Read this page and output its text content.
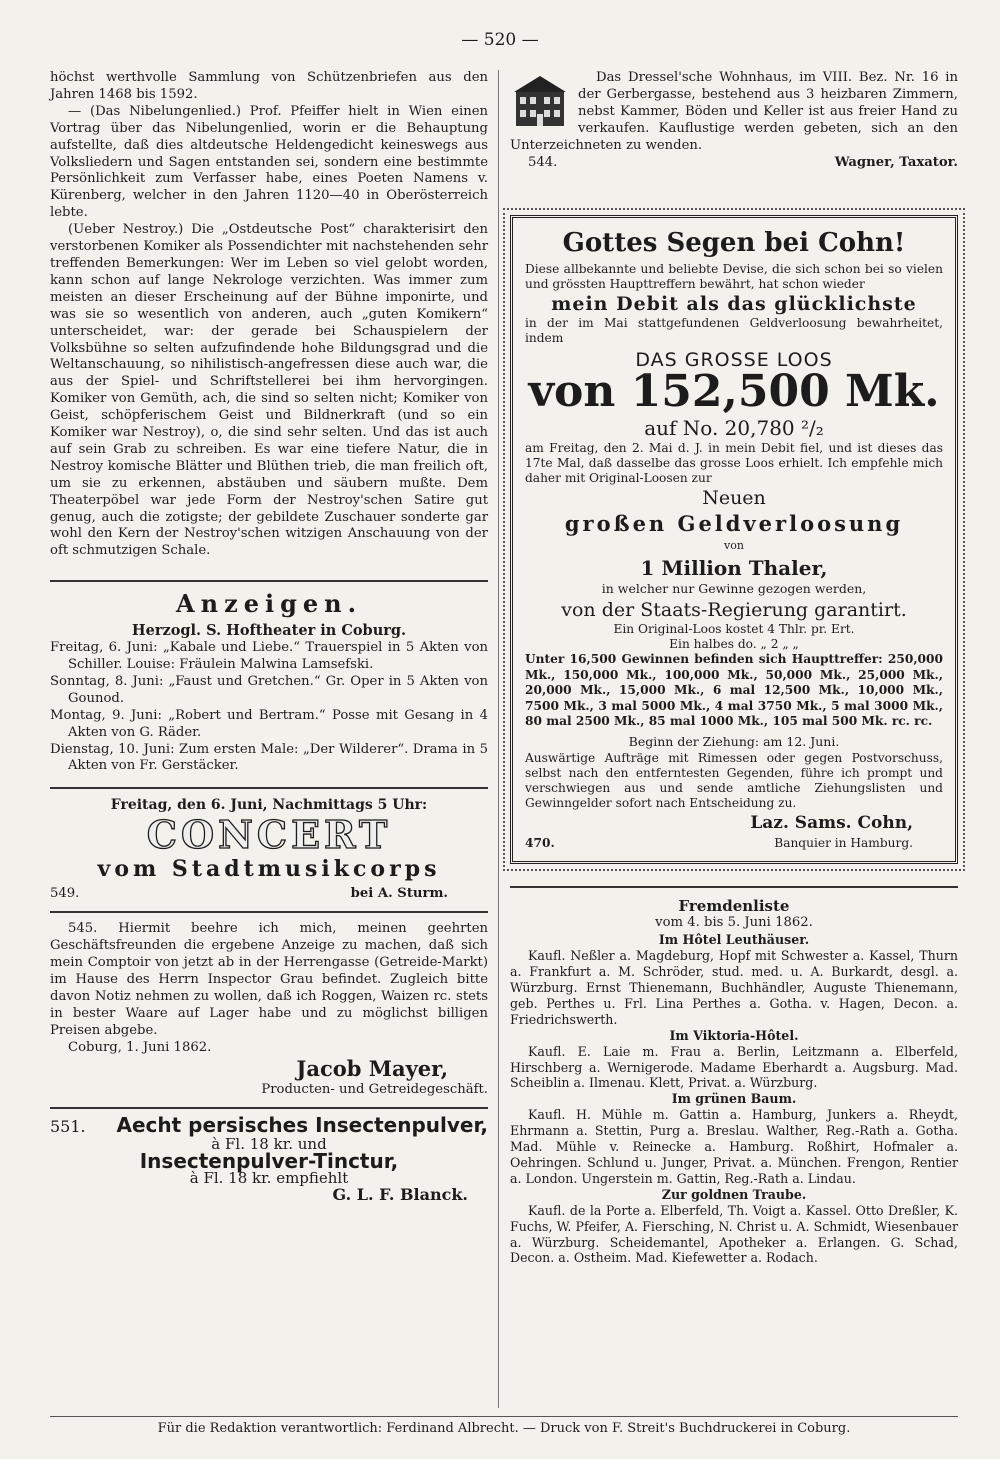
— 520 —

höchst werthvolle Sammlung von Schützenbriefen aus den Jahren 1468 bis 1592.

— (Das Nibelungenlied.) Prof. Pfeiffer hielt in Wien einen Vortrag über das Nibelungenlied, worin er die Behauptung aufstellte, daß dies altdeutsche Heldengedicht keineswegs aus Volksliedern und Sagen entstanden sei, sondern eine bestimmte Persönlichkeit zum Verfasser habe, eines Poeten Namens v. Kürenberg, welcher in den Jahren 1120—40 in Oberösterreich lebte.

(Ueber Nestroy.) Die „Ostdeutsche Post“ charakterisirt den verstorbenen Komiker als Possendichter mit nachstehenden sehr treffenden Bemerkungen: Wer im Leben so viel gelobt worden, kann schon auf lange Nekrologe verzichten. Was immer zum meisten an dieser Erscheinung auf der Bühne imponirte, und was sie so wesentlich von anderen, auch „guten Komikern“ unterscheidet, war: der gerade bei Schauspielern der Volksbühne so selten aufzufindende hohe Bildungsgrad und die Weltanschauung, so nihilistisch-angefressen diese auch war, die aus der Spiel- und Schriftstellerei bei ihm hervorgingen. Komiker von Gemüth, ach, die sind so selten nicht; Komiker von Geist, schöpferischem Geist und Bildnerkraft (und so ein Komiker war Nestroy), o, die sind sehr selten. Und das ist auch auf sein Grab zu schreiben. Es war eine tiefere Natur, die in Nestroy komische Blätter und Blüthen trieb, die man freilich oft, um sie zu erkennen, abstäuben und säubern mußte. Dem Theaterpöbel war jede Form der Nestroy'schen Satire gut genug, auch die zotigste; der gebildete Zuschauer sonderte gar wohl den Kern der Nestroy'schen witzigen Anschauung von der oft schmutzigen Schale.

Anzeigen.

Herzogl. S. Hoftheater in Coburg.

Freitag, 6. Juni: „Kabale und Liebe.“ Trauerspiel in 5 Akten von Schiller. Louise: Fräulein Malwina Lamsefski.

Sonntag, 8. Juni: „Faust und Gretchen.“ Gr. Oper in 5 Akten von Gounod.

Montag, 9. Juni: „Robert und Bertram.“ Posse mit Gesang in 4 Akten von G. Räder.

Dienstag, 10. Juni: Zum ersten Male: „Der Wilderer“. Drama in 5 Akten von Fr. Gerstäcker.

Freitag, den 6. Juni, Nachmittags 5 Uhr:

CONCERT
vom Stadtmusikcorps
549.	bei A. Sturm.

545. Hiermit beehre ich mich, meinen geehrten Geschäftsfreunden die ergebene Anzeige zu machen, daß sich mein Comptoir von jetzt ab in der Herrengasse (Getreide-Markt) im Hause des Herrn Inspector Grau befindet. Zugleich bitte davon Notiz nehmen zu wollen, daß ich Roggen, Waizen rc. stets in bester Waare auf Lager habe und zu möglichst billigen Preisen abgebe.

Coburg, 1. Juni 1862.

Jacob Mayer,

Producten- und Getreidegeschäft.

551. Aecht persisches Insectenpulver,

à Fl. 18 kr. und

Insectenpulver-Tinctur,

à Fl. 18 kr. empfiehlt

G. L. F. Blanck.

Das Dressel'sche Wohnhaus, im VIII. Bez. Nr. 16 in der Gerbergasse, bestehend aus 3 heizbaren Zimmern, nebst Kammer, Böden und Keller ist aus freier Hand zu verkaufen. Kauflustige werden gebeten, sich an den Unterzeichneten zu wenden.

544.	Wagner, Taxator.
Gottes Segen bei Cohn!

Diese allbekannte und beliebte Devise, die sich schon bei so vielen und grössten Haupttreffern bewährt, hat schon wieder

mein Debit als das glücklichste

in der im Mai stattgefundenen Geldverloosung bewahrheitet, indem

DAS GROSSE LOOS

von 152,500 Mk.

auf No. 20,780 ²/₂

am Freitag, den 2. Mai d. J. in mein Debit fiel, und ist dieses das 17te Mal, daß dasselbe das grosse Loos erhielt. Ich empfehle mich daher mit Original-Loosen zur

Neuen

großen Geldverloosung

von

1 Million Thaler,

in welcher nur Gewinne gezogen werden,

von der Staats-Regierung garantirt.

Ein Original-Loos kostet 4 Thlr. pr. Ert.

Ein halbes do. „ 2 „ „

Unter 16,500 Gewinnen befinden sich Haupttreffer: 250,000 Mk., 150,000 Mk., 100,000 Mk., 50,000 Mk., 25,000 Mk., 20,000 Mk., 15,000 Mk., 6 mal 12,500 Mk., 10,000 Mk., 7500 Mk., 3 mal 5000 Mk., 4 mal 3750 Mk., 5 mal 3000 Mk., 80 mal 2500 Mk., 85 mal 1000 Mk., 105 mal 500 Mk. rc. rc.

Beginn der Ziehung: am 12. Juni.

Auswärtige Aufträge mit Rimessen oder gegen Postvorschuss, selbst nach den entferntesten Gegenden, führe ich prompt und verschwiegen aus und sende amtliche Ziehungslisten und Gewinngelder sofort nach Entscheidung zu.

Laz. Sams. Cohn,

470.	Banquier in Hamburg.

Fremdenliste

vom 4. bis 5. Juni 1862.

Im Hôtel Leuthäuser.

Kaufl. Neßler a. Magdeburg, Hopf mit Schwester a. Kassel, Thurn a. Frankfurt a. M. Schröder, stud. med. u. A. Burkardt, desgl. a. Würzburg. Ernst Thienemann, Buchhändler, Auguste Thienemann, geb. Perthes u. Frl. Lina Perthes a. Gotha. v. Hagen, Decon. a. Friedrichswerth.

Im Viktoria-Hôtel.

Kaufl. E. Laie m. Frau a. Berlin, Leitzmann a. Elberfeld, Hirschberg a. Wernigerode. Madame Eberhardt a. Augsburg. Mad. Scheiblin a. Ilmenau. Klett, Privat. a. Würzburg.

Im grünen Baum.

Kaufl. H. Mühle m. Gattin a. Hamburg, Junkers a. Rheydt, Ehrmann a. Stettin, Purg a. Breslau. Walther, Reg.-Rath a. Gotha. Mad. Mühle v. Reinecke a. Hamburg. Roßhirt, Hofmaler a. Oehringen. Schlund u. Junger, Privat. a. München. Frengon, Rentier a. London. Ungerstein m. Gattin, Reg.-Rath a. Lindau.

Zur goldnen Traube.

Kaufl. de la Porte a. Elberfeld, Th. Voigt a. Kassel. Otto Dreßler, K. Fuchs, W. Pfeifer, A. Fiersching, N. Christ u. A. Schmidt, Wiesenbauer a. Würzburg. Scheidemantel, Apotheker a. Erlangen. G. Schad, Decon. a. Ostheim. Mad. Kiefewetter a. Rodach.

Für die Redaktion verantwortlich: Ferdinand Albrecht. — Druck von F. Streit's Buchdruckerei in Coburg.
